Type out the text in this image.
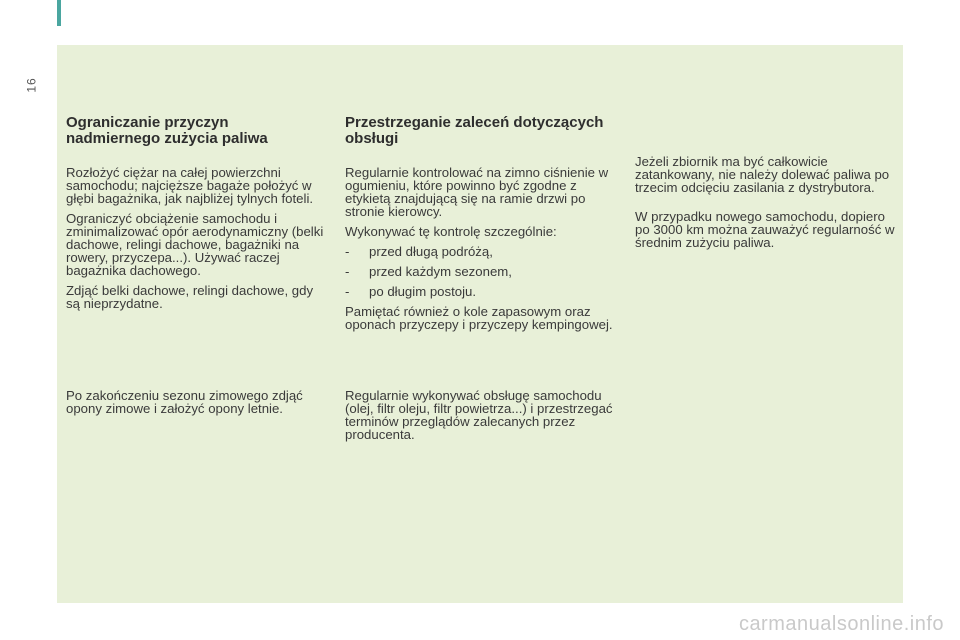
16
Ograniczanie przyczyn nadmiernego zużycia paliwa

Rozłożyć ciężar na całej powierzchni samochodu; najcięższe bagaże położyć w głębi bagażnika, jak najbliżej tylnych foteli.

Ograniczyć obciążenie samochodu i zminimalizować opór aerodynamiczny (belki dachowe, relingi dachowe, bagażniki na rowery, przyczepa...). Używać raczej bagażnika dachowego.

Zdjąć belki dachowe, relingi dachowe, gdy są nieprzydatne.

Po zakończeniu sezonu zimowego zdjąć opony zimowe i założyć opony letnie.

Przestrzeganie zaleceń dotyczących obsługi

Regularnie kontrolować na zimno ciśnienie w ogumieniu, które powinno być zgodne z etykietą znajdującą się na ramie drzwi po stronie kierowcy.

Wykonywać tę kontrolę szczególnie:

-	przed długą podróżą,
-	przed każdym sezonem,
-	po długim postoju.

Pamiętać również o kole zapasowym oraz oponach przyczepy i przyczepy kempingowej.

Regularnie wykonywać obsługę samochodu (olej, filtr oleju, filtr powietrza...) i przestrzegać terminów przeglądów zalecanych przez producenta.

Jeżeli zbiornik ma być całkowicie zatankowany, nie należy dolewać paliwa po trzecim odcięciu zasilania z dystrybutora.

W przypadku nowego samochodu, dopiero po 3000 km można zauważyć regularność w średnim zużyciu paliwa.

carmanualsonline.info
